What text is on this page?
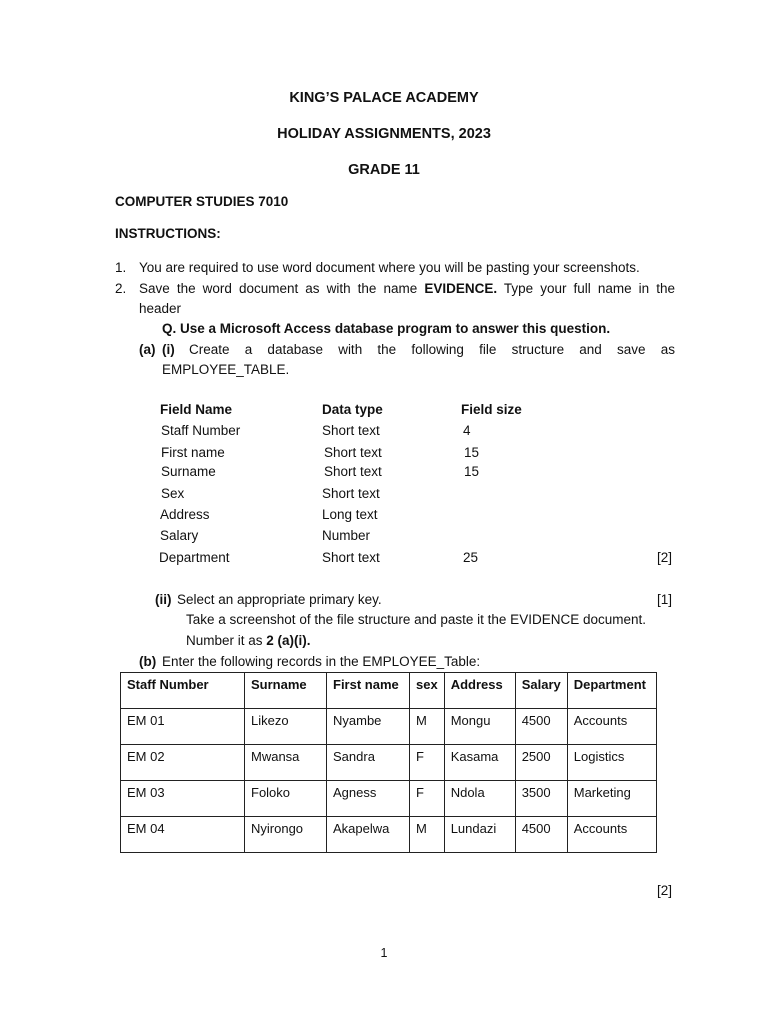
KING’S PALACE ACADEMY
HOLIDAY ASSIGNMENTS, 2023
GRADE 11
COMPUTER STUDIES 7010
INSTRUCTIONS:
1. You are required to use word document where you will be pasting your screenshots.
2. Save the word document as with the name EVIDENCE. Type your full name in the
header
Q. Use a Microsoft Access database program to answer this question.
(a) (i) Create a database with the following file structure and save as
EMPLOYEE_TABLE.
Field Name	Data type	Field size
Staff Number	Short text	4
First name	Short text	15
Surname	Short text	15
Sex	Short text
Address	Long text
Salary	Number
Department	Short text	25	[2]
(ii) Select an appropriate primary key.	[1]
Take a screenshot of the file structure and paste it the EVIDENCE document.
Number it as 2 (a)(i).
(b) Enter the following records in the EMPLOYEE_Table:
Staff Number	Surname	First name	sex	Address	Salary	Department
EM 01	Likezo	Nyambe	M	Mongu	4500	Accounts
EM 02	Mwansa	Sandra	F	Kasama	2500	Logistics
EM 03	Foloko	Agness	F	Ndola	3500	Marketing
EM 04	Nyirongo	Akapelwa	M	Lundazi	4500	Accounts
[2]
1
